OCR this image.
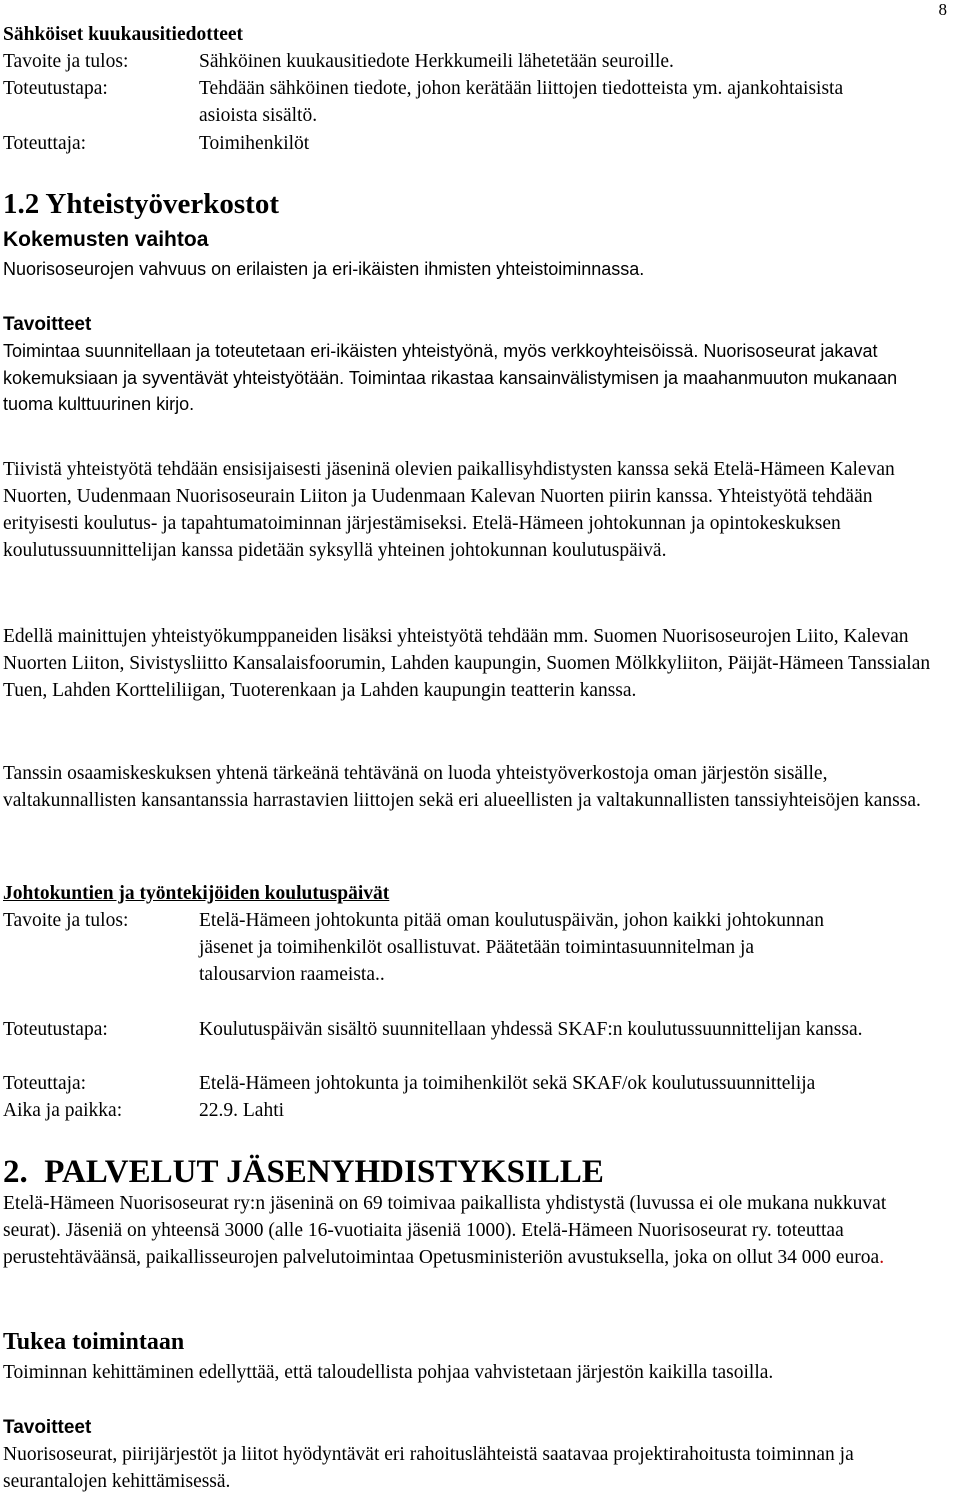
8
Sähköiset kuukausitiedotteet
Tavoite ja tulos:	Sähköinen kuukausitiedote Herkkumeili lähetetään seuroille.
Toteutustapa:	Tehdään sähköinen tiedote, johon kerätään liittojen tiedotteista ym. ajankohtaisista asioista sisältö.
Toteuttaja:	Toimihenkilöt
1.2 Yhteistyöverkostot
Kokemusten vaihtoa

Nuorisoseurojen vahvuus on erilaisten ja eri-ikäisten ihmisten yhteistoiminnassa.

Tavoitteet

Toimintaa suunnitellaan ja toteutetaan eri-ikäisten yhteistyönä, myös verkkoyhteisöissä. Nuorisoseurat jakavat kokemuksiaan ja syventävät yhteistyötään. Toimintaa rikastaa kansainvälistymisen ja maahanmuuton mukanaan tuoma kulttuurinen kirjo.

Tiivistä yhteistyötä tehdään ensisijaisesti jäseninä olevien paikallisyhdistysten kanssa sekä Etelä-Hämeen Kalevan Nuorten, Uudenmaan Nuorisoseurain Liiton ja Uudenmaan Kalevan Nuorten piirin kanssa. Yhteistyötä tehdään erityisesti koulutus- ja tapahtumatoiminnan järjestämiseksi. Etelä-Hämeen johtokunnan ja opintokeskuksen koulutussuunnittelijan kanssa pidetään syksyllä yhteinen johtokunnan koulutuspäivä.

Edellä mainittujen yhteistyökumppaneiden lisäksi yhteistyötä tehdään mm. Suomen Nuorisoseurojen Liito, Kalevan Nuorten Liiton, Sivistysliitto Kansalaisfoorumin, Lahden kaupungin, Suomen Mölkkyliiton, Päijät-Hämeen Tanssialan Tuen, Lahden Kortteliliigan, Tuoterenkaan ja Lahden kaupungin teatterin kanssa.

Tanssin osaamiskeskuksen yhtenä tärkeänä tehtävänä on luoda yhteistyöverkostoja oman järjestön sisälle, valtakunnallisten kansantanssia harrastavien liittojen sekä eri alueellisten ja valtakunnallisten tanssiyhteisöjen kanssa.

Johtokuntien ja työntekijöiden koulutuspäivät
Tavoite ja tulos:	Etelä-Hämeen johtokunta pitää oman koulutuspäivän, johon kaikki johtokunnan jäsenet ja toimihenkilöt osallistuvat. Päätetään toimintasuunnitelman ja talousarvion raameista..
Toteutustapa:	Koulutuspäivän sisältö suunnitellaan yhdessä SKAF:n koulutussuunnittelijan kanssa.
Toteuttaja:	Etelä-Hämeen johtokunta ja toimihenkilöt sekä SKAF/ok koulutussuunnittelija
Aika ja paikka:	22.9. Lahti
2.  PALVELUT JÄSENYHDISTYKSILLE

Etelä-Hämeen Nuorisoseurat ry:n jäseninä on 69 toimivaa paikallista yhdistystä (luvussa ei ole mukana nukkuvat seurat). Jäseniä on yhteensä 3000 (alle 16-vuotiaita jäseniä 1000). Etelä-Hämeen Nuorisoseurat ry. toteuttaa perustehtäväänsä, paikallisseurojen palvelutoimintaa Opetusministeriön avustuksella, joka on ollut 34 000 euroa.

Tukea toimintaan

Toiminnan kehittäminen edellyttää, että taloudellista pohjaa vahvistetaan järjestön kaikilla tasoilla.

Tavoitteet

Nuorisoseurat, piirijärjestöt ja liitot hyödyntävät eri rahoituslähteistä saatavaa projektirahoitusta toiminnan ja seurantalojen kehittämisessä.
